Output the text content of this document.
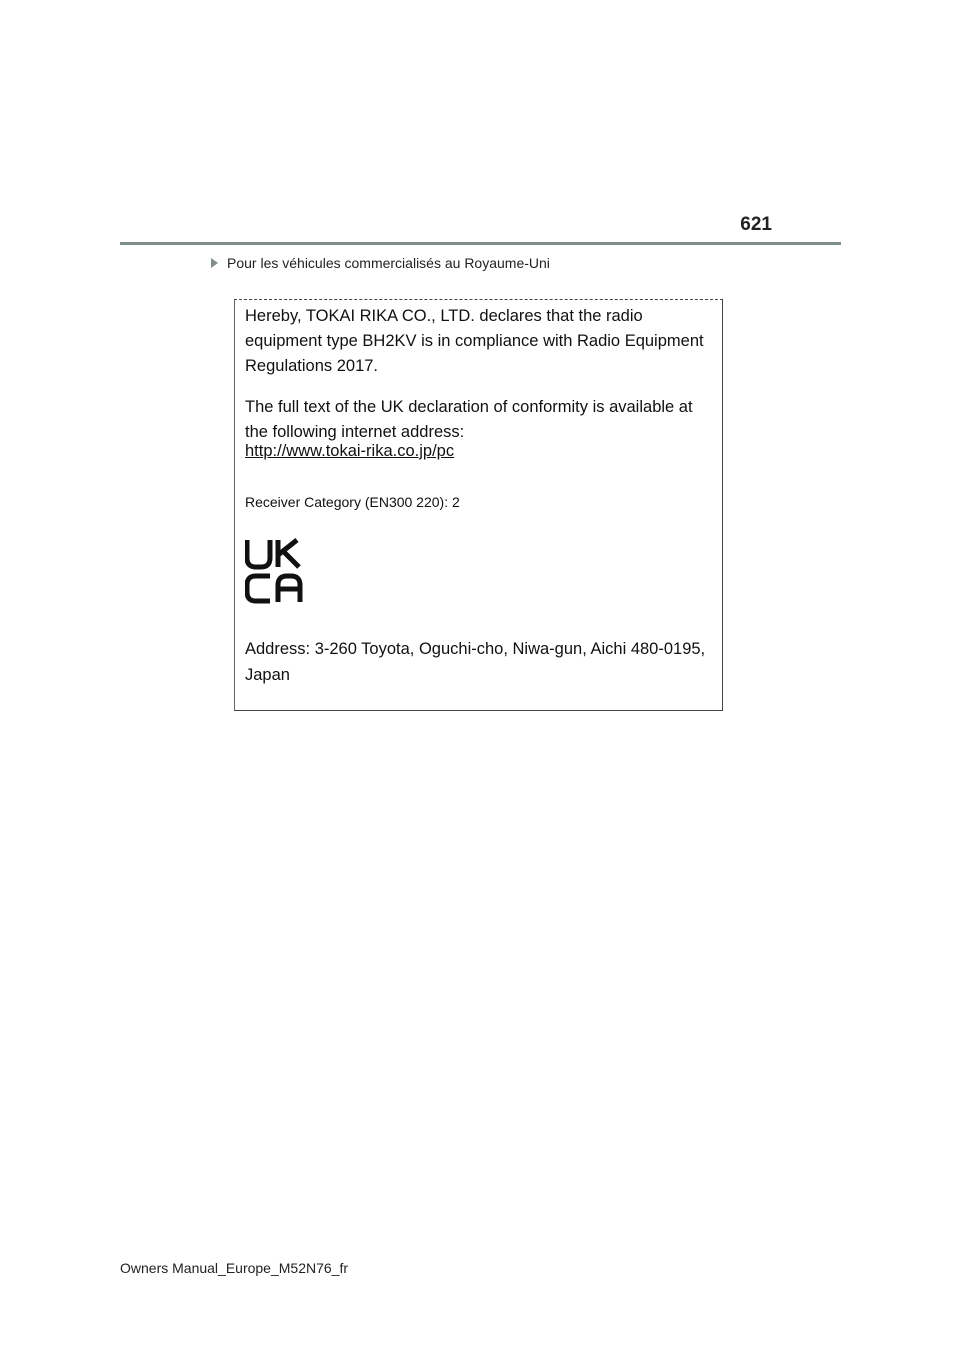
621
Pour les véhicules commercialisés au Royaume-Uni
Hereby, TOKAI RIKA CO., LTD. declares that the radio equipment type BH2KV is in compliance with Radio Equipment Regulations 2017.
The full text of the UK declaration of conformity is available at the following internet address:
http://www.tokai-rika.co.jp/pc
Receiver Category (EN300 220): 2
Address: 3-260 Toyota, Oguchi-cho, Niwa-gun, Aichi 480-0195, Japan
Owners Manual_Europe_M52N76_fr
